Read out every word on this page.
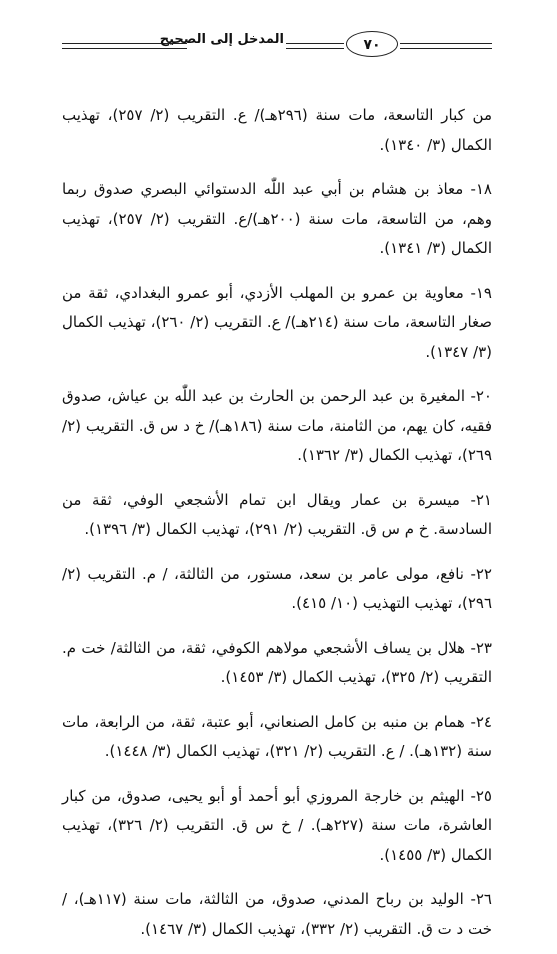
المدخل إلى الصحيح	٧٠

من كبار التاسعة، مات سنة (٢٩٦هـ)/ ع. التقريب (٢/ ٢٥٧)، تهذيب الكمال (٣/ ١٣٤٠).

١٨- معاذ بن هشام بن أبي عبد اللّٰه الدستوائي البصري صدوق ربما وهم، من التاسعة، مات سنة (٢٠٠هـ)/ع. التقريب (٢/ ٢٥٧)، تهذيب الكمال (٣/ ١٣٤١).

١٩- معاوية بن عمرو بن المهلب الأزدي، أبو عمرو البغدادي، ثقة من صغار التاسعة، مات سنة (٢١٤هـ)/ ع. التقريب (٢/ ٢٦٠)، تهذيب الكمال (٣/ ١٣٤٧).

٢٠- المغيرة بن عبد الرحمن بن الحارث بن عبد اللّٰه بن عياش، صدوق فقيه، كان يهم، من الثامنة، مات سنة (١٨٦هـ)/ خ د س ق. التقريب (٢/ ٢٦٩)، تهذيب الكمال (٣/ ١٣٦٢).

٢١- ميسرة بن عمار ويقال ابن تمام الأشجعي الوفي، ثقة من السادسة. خ م س ق. التقريب (٢/ ٢٩١)، تهذيب الكمال (٣/ ١٣٩٦).

٢٢- نافع، مولى عامر بن سعد، مستور، من الثالثة، / م. التقريب (٢/ ٢٩٦)، تهذيب التهذيب (١٠/ ٤١٥).

٢٣- هلال بن يساف الأشجعي مولاهم الكوفي، ثقة، من الثالثة/ خت م. التقريب (٢/ ٣٢٥)، تهذيب الكمال (٣/ ١٤٥٣).

٢٤- همام بن منبه بن كامل الصنعاني، أبو عتبة، ثقة، من الرابعة، مات سنة (١٣٢هـ). / ع. التقريب (٢/ ٣٢١)، تهذيب الكمال (٣/ ١٤٤٨).

٢٥- الهيثم بن خارجة المروزي أبو أحمد أو أبو يحيى، صدوق، من كبار العاشرة، مات سنة (٢٢٧هـ). / خ س ق. التقريب (٢/ ٣٢٦)، تهذيب الكمال (٣/ ١٤٥٥).

٢٦- الوليد بن رباح المدني، صدوق، من الثالثة، مات سنة (١١٧هـ)، / خت د ت ق. التقريب (٢/ ٣٣٢)، تهذيب الكمال (٣/ ١٤٦٧).
